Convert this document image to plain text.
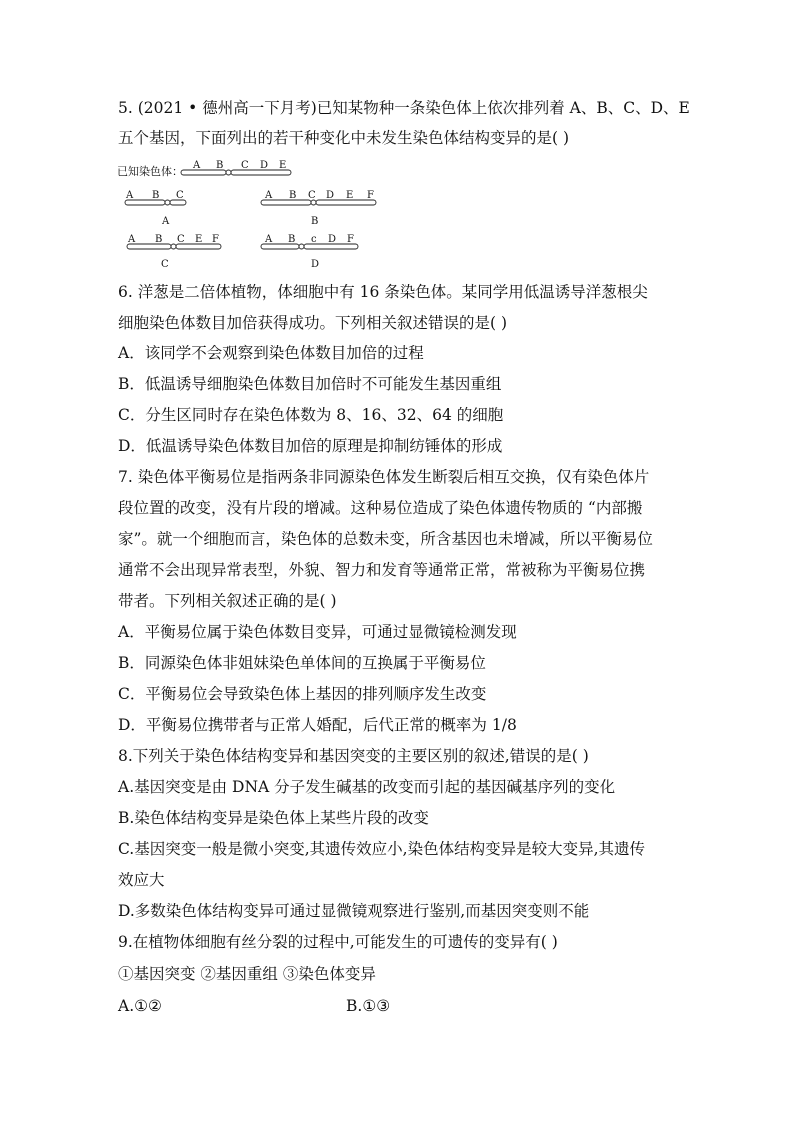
5. (2021 • 德州高一下月考)已知某物种一条染色体上依次排列着 A、B、C、D、E
五个基因，下面列出的若干种变化中未发生染色体结构变异的是( )
已知染色体： A B C D E
A B C
A
A B C D E F
B
A B C E F
C
A B c D F
D
6. 洋葱是二倍体植物，体细胞中有 16 条染色体。某同学用低温诱导洋葱根尖
细胞染色体数目加倍获得成功。下列相关叙述错误的是( )
A．该同学不会观察到染色体数目加倍的过程
B．低温诱导细胞染色体数目加倍时不可能发生基因重组
C．分生区同时存在染色体数为 8、16、32、64 的细胞
D．低温诱导染色体数目加倍的原理是抑制纺锤体的形成
7. 染色体平衡易位是指两条非同源染色体发生断裂后相互交换，仅有染色体片
段位置的改变，没有片段的增减。这种易位造成了染色体遗传物质的 “内部搬
家”。就一个细胞而言，染色体的总数未变，所含基因也未增减，所以平衡易位
通常不会出现异常表型，外貌、智力和发育等通常正常，常被称为平衡易位携
带者。下列相关叙述正确的是( )
A．平衡易位属于染色体数目变异，可通过显微镜检测发现
B．同源染色体非姐妹染色单体间的互换属于平衡易位
C．平衡易位会导致染色体上基因的排列顺序发生改变
D．平衡易位携带者与正常人婚配，后代正常的概率为 1/8
8.下列关于染色体结构变异和基因突变的主要区别的叙述,错误的是( )
A.基因突变是由 DNA 分子发生碱基的改变而引起的基因碱基序列的变化
B.染色体结构变异是染色体上某些片段的改变
C.基因突变一般是微小突变,其遗传效应小,染色体结构变异是较大变异,其遗传
效应大
D.多数染色体结构变异可通过显微镜观察进行鉴别,而基因突变则不能
9.在植物体细胞有丝分裂的过程中,可能发生的可遗传的变异有( )
①基因突变 ②基因重组 ③染色体变异
A.①②	B.①③
